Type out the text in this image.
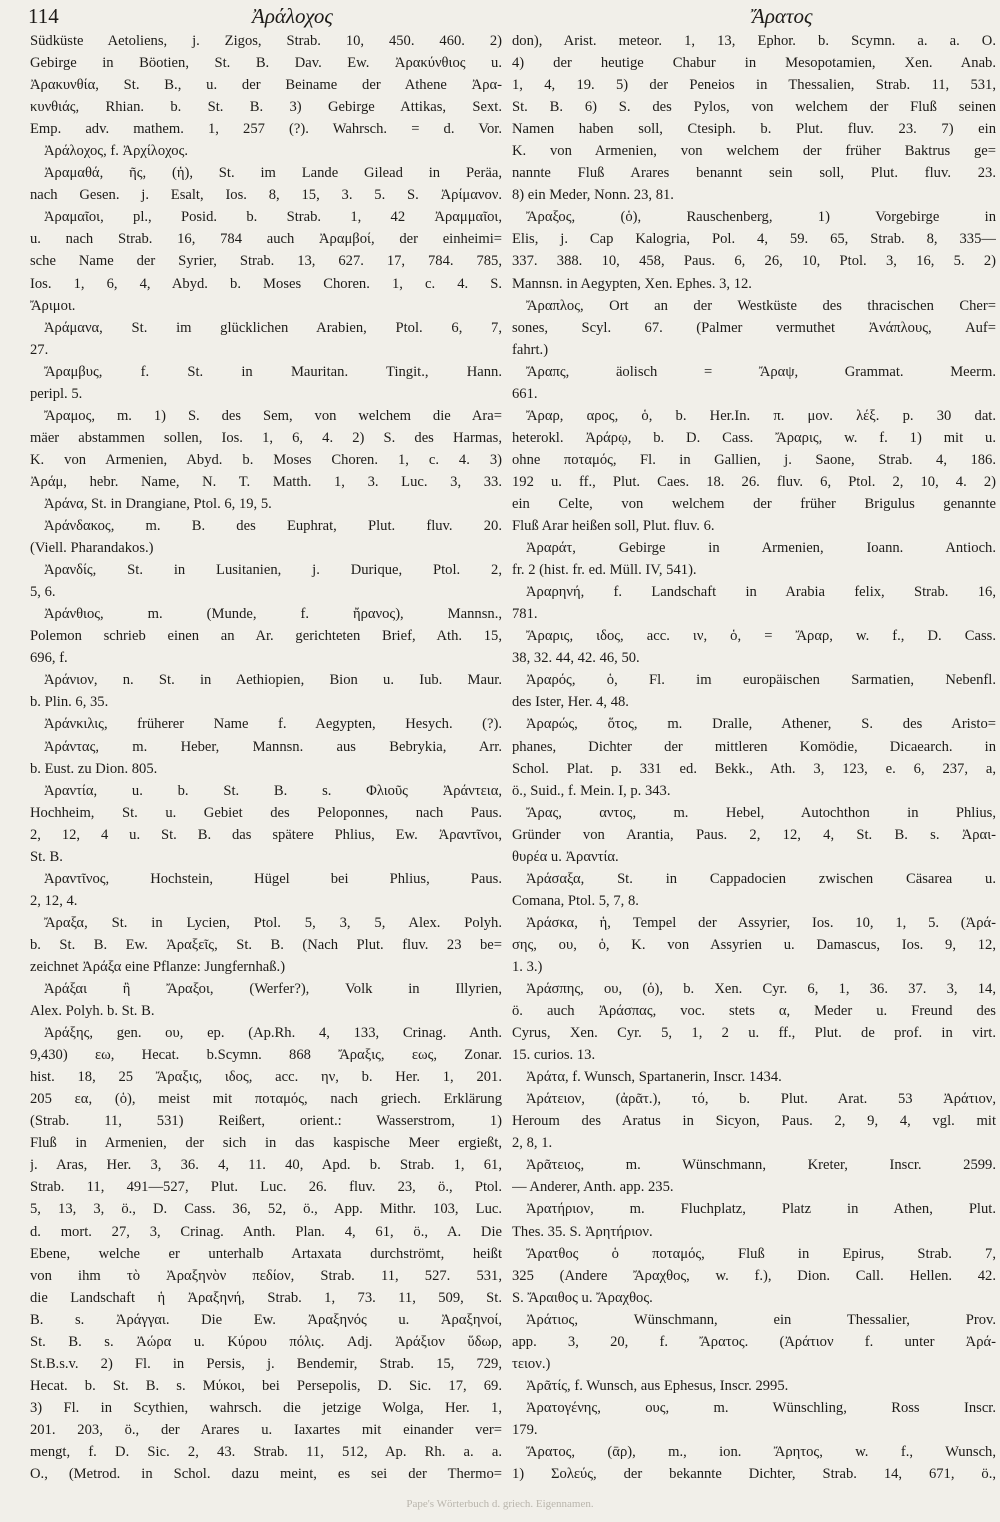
114	Ἀράλοχος	Ἄρατος
Südküste Aetoliens, j. Zigos, Strab. 10, 450. 460. 2)
Gebirge in Böotien, St. B. Dav. Ew. Ἀρακύνθιος u.
Ἀρακυνθία, St. B., u. der Beiname der Athene Ἀρα-
κυνθιάς, Rhian. b. St. B. 3) Gebirge Attikas, Sext.
Emp. adv. mathem. 1, 257 (?). Wahrsch. = d. Vor.
Ἀράλοχος, f. Ἀρχίλοχος.
Ἀραμαθά, ῆς, (ἡ), St. im Lande Gilead in Peräa,
nach Gesen. j. Esalt, Ios. 8, 15, 3. 5. S. Ἀρίμανον.
Ἀραμαῖοι, pl., Posid. b. Strab. 1, 42 Ἀραμμαῖοι,
u. nach Strab. 16, 784 auch Ἀραμβοί, der einheimi=
sche Name der Syrier, Strab. 13, 627. 17, 784. 785,
Ios. 1, 6, 4, Abyd. b. Moses Choren. 1, c. 4. S.
Ἄριμοι.
Ἀράμανα, St. im glücklichen Arabien, Ptol. 6, 7,
27.
Ἄραμβυς, f. St. in Mauritan. Tingit., Hann.
peripl. 5.
Ἄραμος, m. 1) S. des Sem, von welchem die Ara=
mäer abstammen sollen, Ios. 1, 6, 4. 2) S. des Harmas,
K. von Armenien, Abyd. b. Moses Choren. 1, c. 4. 3)
Ἀράμ, hebr. Name, N. T. Matth. 1, 3. Luc. 3, 33.
Ἀράνα, St. in Drangiane, Ptol. 6, 19, 5.
Ἀράνδακος, m. B. des Euphrat, Plut. fluv. 20.
(Viell. Pharandakos.)
Ἀρανδίς, St. in Lusitanien, j. Durique, Ptol. 2,
5, 6.
Ἀράνθιος, m. (Munde, f. ἤρανος), Mannsn.,
Polemon schrieb einen an Ar. gerichteten Brief, Ath. 15,
696, f.
Ἀράνιον, n. St. in Aethiopien, Bion u. Iub. Maur.
b. Plin. 6, 35.
Ἀράνκιλις, früherer Name f. Aegypten, Hesych. (?).
Ἀράντας, m. Heber, Mannsn. aus Bebrykia, Arr.
b. Eust. zu Dion. 805.
Ἀραντία, u. b. St. B. s. Φλιοῦς Ἀράντεια,
Hochheim, St. u. Gebiet des Peloponnes, nach Paus.
2, 12, 4 u. St. B. das spätere Phlius, Ew. Ἀραντῖνοι,
St. B.
Ἀραντῖνος, Hochstein, Hügel bei Phlius, Paus.
2, 12, 4.
Ἄραξα, St. in Lycien, Ptol. 5, 3, 5, Alex. Polyh.
b. St. B. Ew. Ἀραξεῖς, St. B. (Nach Plut. fluv. 23 be=
zeichnet Ἀράξα eine Pflanze: Jungfernhaß.)
Ἀράξαι ἢ Ἄραξοι, (Werfer?), Volk in Illyrien,
Alex. Polyh. b. St. B.
Ἀράξης, gen. ου, ep. (Ap.Rh. 4, 133, Crinag. Anth.
9,430) εω, Hecat. b.Scymn. 868 Ἄραξις, εως, Zonar.
hist. 18, 25 Ἄραξις, ιδος, acc. ην, b. Her. 1, 201.
205 εα, (ὁ), meist mit ποταμός, nach griech. Erklärung
(Strab. 11, 531) Reißert, orient.: Wasserstrom, 1)
Fluß in Armenien, der sich in das kaspische Meer ergießt,
j. Aras, Her. 3, 36. 4, 11. 40, Apd. b. Strab. 1, 61,
Strab. 11, 491—527, Plut. Luc. 26. fluv. 23, ö., Ptol.
5, 13, 3, ö., D. Cass. 36, 52, ö., App. Mithr. 103, Luc.
d. mort. 27, 3, Crinag. Anth. Plan. 4, 61, ö., A. Die
Ebene, welche er unterhalb Artaxata durchströmt, heißt
von ihm τὸ Ἀραξηνὸν πεδίον, Strab. 11, 527. 531,
die Landschaft ἡ Ἀραξηνή, Strab. 1, 73. 11, 509, St.
B. s. Ἀράγγαι. Die Ew. Ἀραξηνός u. Ἀραξηνοί,
St. B. s. Ἀώρα u. Κύρου πόλις. Adj. Ἀράξιον ὕδωρ,
St.B.s.v. 2) Fl. in Persis, j. Bendemir, Strab. 15, 729,
Hecat. b. St. B. s. Μύκοι, bei Persepolis, D. Sic. 17, 69.
3) Fl. in Scythien, wahrsch. die jetzige Wolga, Her. 1,
201. 203, ö., der Arares u. Iaxartes mit einander ver=
mengt, f. D. Sic. 2, 43. Strab. 11, 512, Ap. Rh. a. a.
O., (Metrod. in Schol. dazu meint, es sei der Thermo=
don), Arist. meteor. 1, 13, Ephor. b. Scymn. a. a. O.
4) der heutige Chabur in Mesopotamien, Xen. Anab.
1, 4, 19. 5) der Peneios in Thessalien, Strab. 11, 531,
St. B. 6) S. des Pylos, von welchem der Fluß seinen
Namen haben soll, Ctesiph. b. Plut. fluv. 23. 7) ein
K. von Armenien, von welchem der früher Baktrus ge=
nannte Fluß Arares benannt sein soll, Plut. fluv. 23.
8) ein Meder, Nonn. 23, 81.
Ἄραξος, (ὁ), Rauschenberg, 1) Vorgebirge in
Elis, j. Cap Kalogria, Pol. 4, 59. 65, Strab. 8, 335—
337. 388. 10, 458, Paus. 6, 26, 10, Ptol. 3, 16, 5. 2)
Mannsn. in Aegypten, Xen. Ephes. 3, 12.
Ἄραπλος, Ort an der Westküste des thracischen Cher=
sones, Scyl. 67. (Palmer vermuthet Ἀνάπλους, Auf=
fahrt.)
Ἄραπς, äolisch = Ἄραψ, Grammat. Meerm.
661.
Ἄραρ, αρος, ὁ, b. Her.In. π. μον. λέξ. p. 30 dat.
heterokl. Ἀράρῳ, b. D. Cass. Ἄραρις, w. f. 1) mit u.
ohne ποταμός, Fl. in Gallien, j. Saone, Strab. 4, 186.
192 u. ff., Plut. Caes. 18. 26. fluv. 6, Ptol. 2, 10, 4. 2)
ein Celte, von welchem der früher Brigulus genannte
Fluß Arar heißen soll, Plut. fluv. 6.
Ἀραράτ, Gebirge in Armenien, Ioann. Antioch.
fr. 2 (hist. fr. ed. Müll. IV, 541).
Ἀραρηνή, f. Landschaft in Arabia felix, Strab. 16,
781.
Ἄραρις, ιδος, acc. ιν, ὁ, = Ἄραρ, w. f., D. Cass.
38, 32. 44, 42. 46, 50.
Ἀραρός, ὁ, Fl. im europäischen Sarmatien, Nebenfl.
des Ister, Her. 4, 48.
Ἀραρώς, ὅτος, m. Dralle, Athener, S. des Aristo=
phanes, Dichter der mittleren Komödie, Dicaearch. in
Schol. Plat. p. 331 ed. Bekk., Ath. 3, 123, e. 6, 237, a,
ö., Suid., f. Mein. I, p. 343.
Ἄρας, αντος, m. Hebel, Autochthon in Phlius,
Gründer von Arantia, Paus. 2, 12, 4, St. B. s. Ἀραι-
θυρέα u. Ἀραντία.
Ἀράσαξα, St. in Cappadocien zwischen Cäsarea u.
Comana, Ptol. 5, 7, 8.
Ἀράσκα, ἡ, Tempel der Assyrier, Ios. 10, 1, 5. (Ἀρά-
σης, ου, ὁ, K. von Assyrien u. Damascus, Ios. 9, 12,
1. 3.)
Ἀράσπης, ου, (ὁ), b. Xen. Cyr. 6, 1, 36. 37. 3, 14,
ö. auch Ἀράσπας, voc. stets α, Meder u. Freund des
Cyrus, Xen. Cyr. 5, 1, 2 u. ff., Plut. de prof. in virt.
15. curios. 13.
Ἀράτα, f. Wunsch, Spartanerin, Inscr. 1434.
Ἀράτειον, (ἀρᾶτ.), τό, b. Plut. Arat. 53 Ἀράτιον,
Heroum des Aratus in Sicyon, Paus. 2, 9, 4, vgl. mit
2, 8, 1.
Ἀρᾶτειος, m. Wünschmann, Kreter, Inscr. 2599.
— Anderer, Anth. app. 235.
Ἀρατήριον, m. Fluchplatz, Platz in Athen, Plut.
Thes. 35. S. Ἀρητήριον.
Ἄρατθος ὁ ποταμός, Fluß in Epirus, Strab. 7,
325 (Andere Ἄραχθος, w. f.), Dion. Call. Hellen. 42.
S. Ἄραιθος u. Ἄραχθος.
Ἀράτιος, Wünschmann, ein Thessalier, Prov.
app. 3, 20, f. Ἄρατος. (Ἀράτιον f. unter Ἀρά-
τειον.)
Ἀρᾶτίς, f. Wunsch, aus Ephesus, Inscr. 2995.
Ἀρατογένης, ους, m. Wünschling, Ross Inscr.
179.
Ἄρατος, (ᾱρ), m., ion. Ἄρητος, w. f., Wunsch,
1) Σολεύς, der bekannte Dichter, Strab. 14, 671, ö.,
Pape's Wörterbuch d. griech. Eigennamen.
